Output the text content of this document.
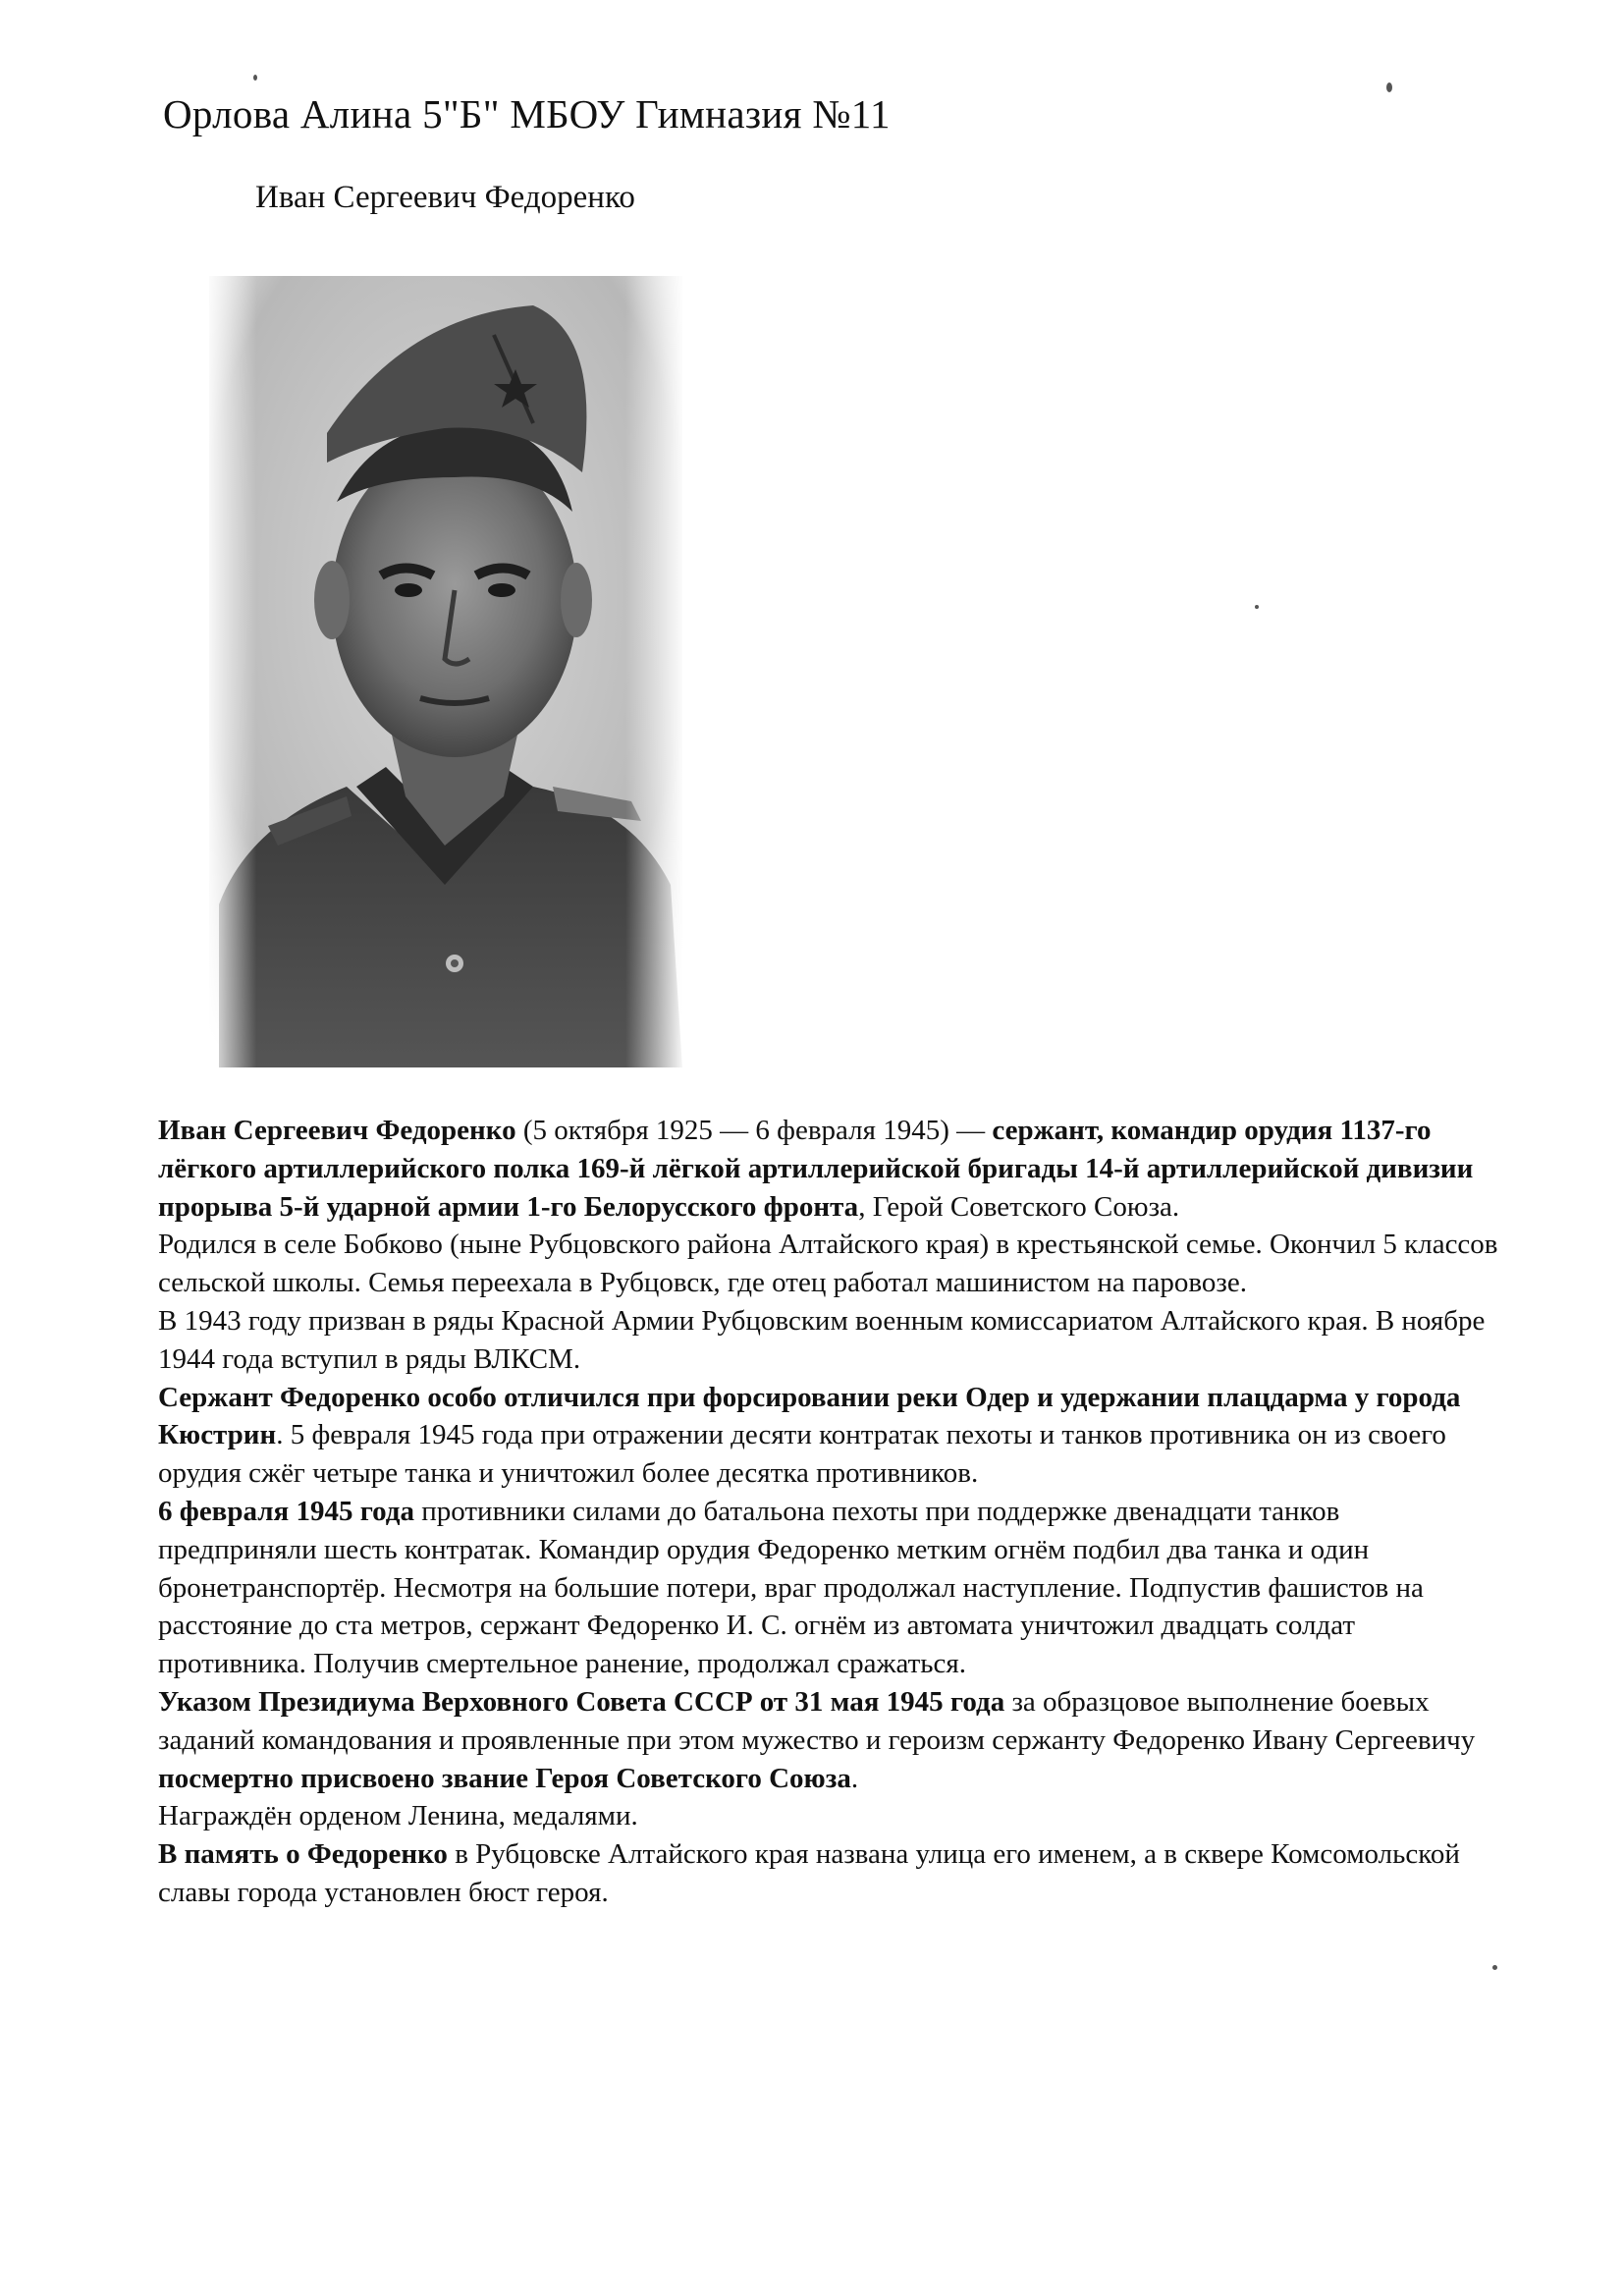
Орлова Алина 5"Б" МБОУ Гимназия №11
Иван Сергеевич Федоренко

Иван Сергеевич Федоренко (5 октября 1925 — 6 февраля 1945) — сержант, командир орудия 1137-го лёгкого артиллерийского полка 169-й лёгкой артиллерийской бригады 14-й артиллерийской дивизии прорыва 5-й ударной армии 1-го Белорусского фронта, Герой Советского Союза.

Родился в селе Бобково (ныне Рубцовского района Алтайского края) в крестьянской семье. Окончил 5 классов сельской школы. Семья переехала в Рубцовск, где отец работал машинистом на паровозе.

В 1943 году призван в ряды Красной Армии Рубцовским военным комиссариатом Алтайского края. В ноябре 1944 года вступил в ряды ВЛКСМ.

Сержант Федоренко особо отличился при форсировании реки Одер и удержании плацдарма у города Кюстрин. 5 февраля 1945 года при отражении десяти контратак пехоты и танков противника он из своего орудия сжёг четыре танка и уничтожил более десятка противников.

6 февраля 1945 года противники силами до батальона пехоты при поддержке двенадцати танков предприняли шесть контратак. Командир орудия Федоренко метким огнём подбил два танка и один бронетранспортёр. Несмотря на большие потери, враг продолжал наступление. Подпустив фашистов на расстояние до ста метров, сержант Федоренко И. С. огнём из автомата уничтожил двадцать солдат противника. Получив смертельное ранение, продолжал сражаться.

Указом Президиума Верховного Совета СССР от 31 мая 1945 года за образцовое выполнение боевых заданий командования и проявленные при этом мужество и героизм сержанту Федоренко Ивану Сергеевичу посмертно присвоено звание Героя Советского Союза.

Награждён орденом Ленина, медалями.

В память о Федоренко в Рубцовске Алтайского края названа улица его именем, а в сквере Комсомольской славы города установлен бюст героя.
